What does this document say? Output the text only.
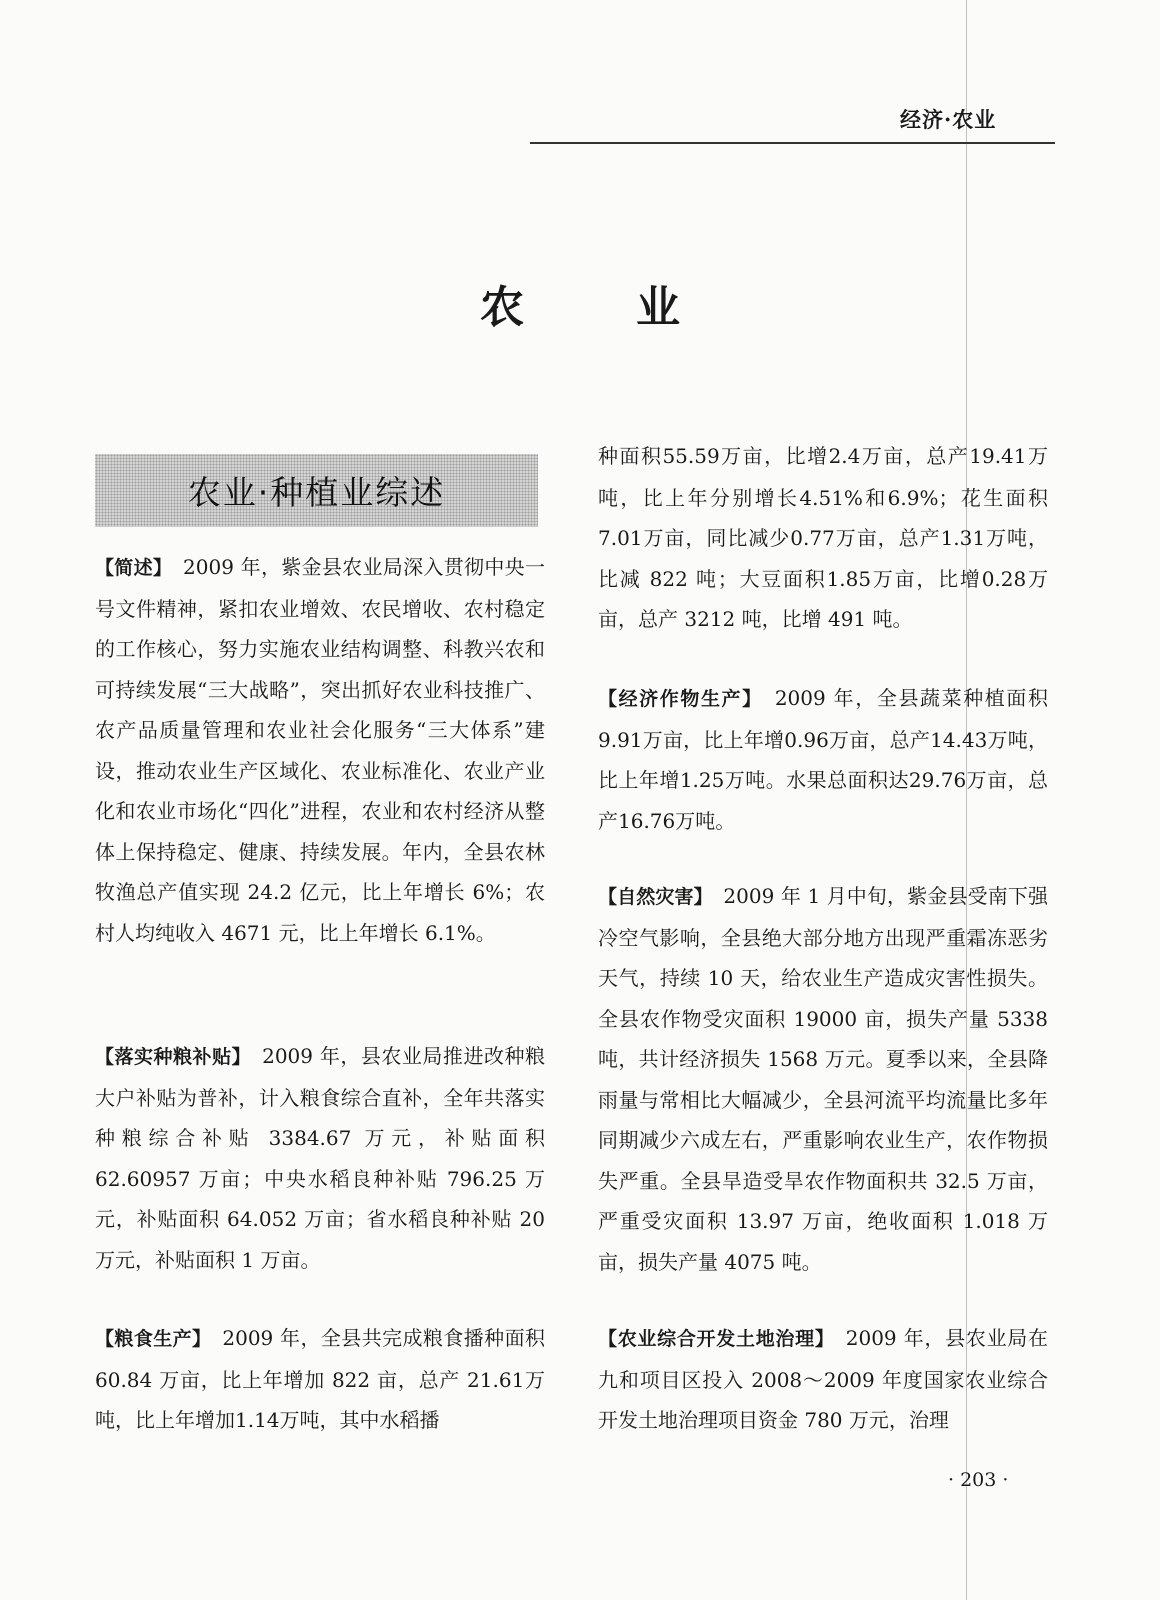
经济·农业
农业
农业·种植业综述

【简述】　2009 年，紫金县农业局深入贯彻中央一号文件精神，紧扣农业增效、农民增收、农村稳定的工作核心，努力实施农业结构调整、科教兴农和可持续发展“三大战略”，突出抓好农业科技推广、农产品质量管理和农业社会化服务“三大体系”建设，推动农业生产区域化、农业标准化、农业产业化和农业市场化“四化”进程，农业和农村经济从整体上保持稳定、健康、持续发展。年内，全县农林牧渔总产值实现 24.2 亿元，比上年增长 6%；农村人均纯收入 4671 元，比上年增长 6.1%。

【落实种粮补贴】　2009 年，县农业局推进改种粮大户补贴为普补，计入粮食综合直补，全年共落实种粮综合补贴 3384.67 万元，补贴面积 62.60957 万亩；中央水稻良种补贴 796.25 万元，补贴面积 64.052 万亩；省水稻良种补贴 20 万元，补贴面积 1 万亩。

【粮食生产】　2009 年，全县共完成粮食播种面积 60.84 万亩，比上年增加 822 亩，总产 21.61万吨，比上年增加1.14万吨，其中水稻播

种面积55.59万亩，比增2.4万亩，总产19.41万吨，比上年分别增长4.51%和6.9%；花生面积7.01万亩，同比减少0.77万亩，总产1.31万吨，比减 822 吨；大豆面积1.85万亩，比增0.28万亩，总产 3212 吨，比增 491 吨。

【经济作物生产】　2009 年，全县蔬菜种植面积9.91万亩，比上年增0.96万亩，总产14.43万吨，比上年增1.25万吨。水果总面积达29.76万亩，总产16.76万吨。

【自然灾害】　2009 年 1 月中旬，紫金县受南下强冷空气影响，全县绝大部分地方出现严重霜冻恶劣天气，持续 10 天，给农业生产造成灾害性损失。全县农作物受灾面积 19000 亩，损失产量 5338 吨，共计经济损失 1568 万元。夏季以来，全县降雨量与常相比大幅减少，全县河流平均流量比多年同期减少六成左右，严重影响农业生产，农作物损失严重。全县旱造受旱农作物面积共 32.5 万亩，严重受灾面积 13.97 万亩，绝收面积 1.018 万亩，损失产量 4075 吨。

【农业综合开发土地治理】　2009 年，县农业局在九和项目区投入 2008～2009 年度国家农业综合开发土地治理项目资金 780 万元，治理

· 203 ·
